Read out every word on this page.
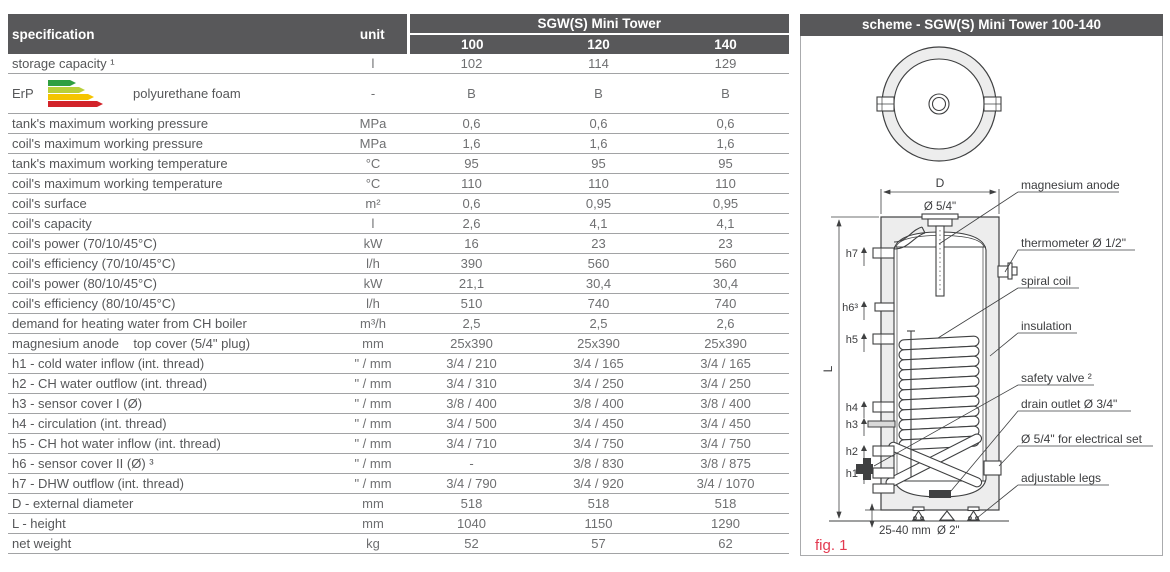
specification	unit	SGW(S) Mini Tower		
		100	120	140
storage capacity ¹	l	102	114	129
ErP polyurethane foam	-	B	B	B
tank's maximum working pressure	MPa	0,6	0,6	0,6
coil's maximum working pressure	MPa	1,6	1,6	1,6
tank's maximum working temperature	°C	95	95	95
coil's maximum working temperature	°C	110	110	110
coil's surface	m²	0,6	0,95	0,95
coil's capacity	l	2,6	4,1	4,1
coil's power (70/10/45°C)	kW	16	23	23
coil's efficiency (70/10/45°C)	l/h	390	560	560
coil's power (80/10/45°C)	kW	21,1	30,4	30,4
coil's efficiency (80/10/45°C)	l/h	510	740	740
demand for heating water from CH boiler	m³/h	2,5	2,5	2,6
magnesium anode    top cover (5/4" plug)	mm	25x390	25x390	25x390
h1 - cold water inflow (int. thread)	" / mm	3/4 / 210	3/4 / 165	3/4 / 165
h2 - CH water outflow (int. thread)	" / mm	3/4 / 310	3/4 / 250	3/4 / 250
h3 - sensor cover I (Ø)	" / mm	3/8 / 400	3/8 / 400	3/8 / 400
h4 - circulation (int. thread)	" / mm	3/4 / 500	3/4 / 450	3/4 / 450
h5 - CH hot water inflow (int. thread)	" / mm	3/4 / 710	3/4 / 750	3/4 / 750
h6 - sensor cover II (Ø) ³	" / mm	-	3/8 / 830	3/8 / 875
h7 - DHW outflow (int. thread)	" / mm	3/4 / 790	3/4 / 920	3/4 / 1070
D - external diameter	mm	518	518	518
L - height	mm	1040	1150	1290
net weight	kg	52	57	62
scheme - SGW(S) Mini Tower 100-140
D
Ø 5/4"
L
25-40 mm Ø 2"
h7
h6³
h5
h4
h3
h2
h1
magnesium anode
thermometer Ø 1/2"
spiral coil
insulation
safety valve ²
drain outlet Ø 3/4"
Ø 5/4" for electrical set
adjustable legs
fig. 1
